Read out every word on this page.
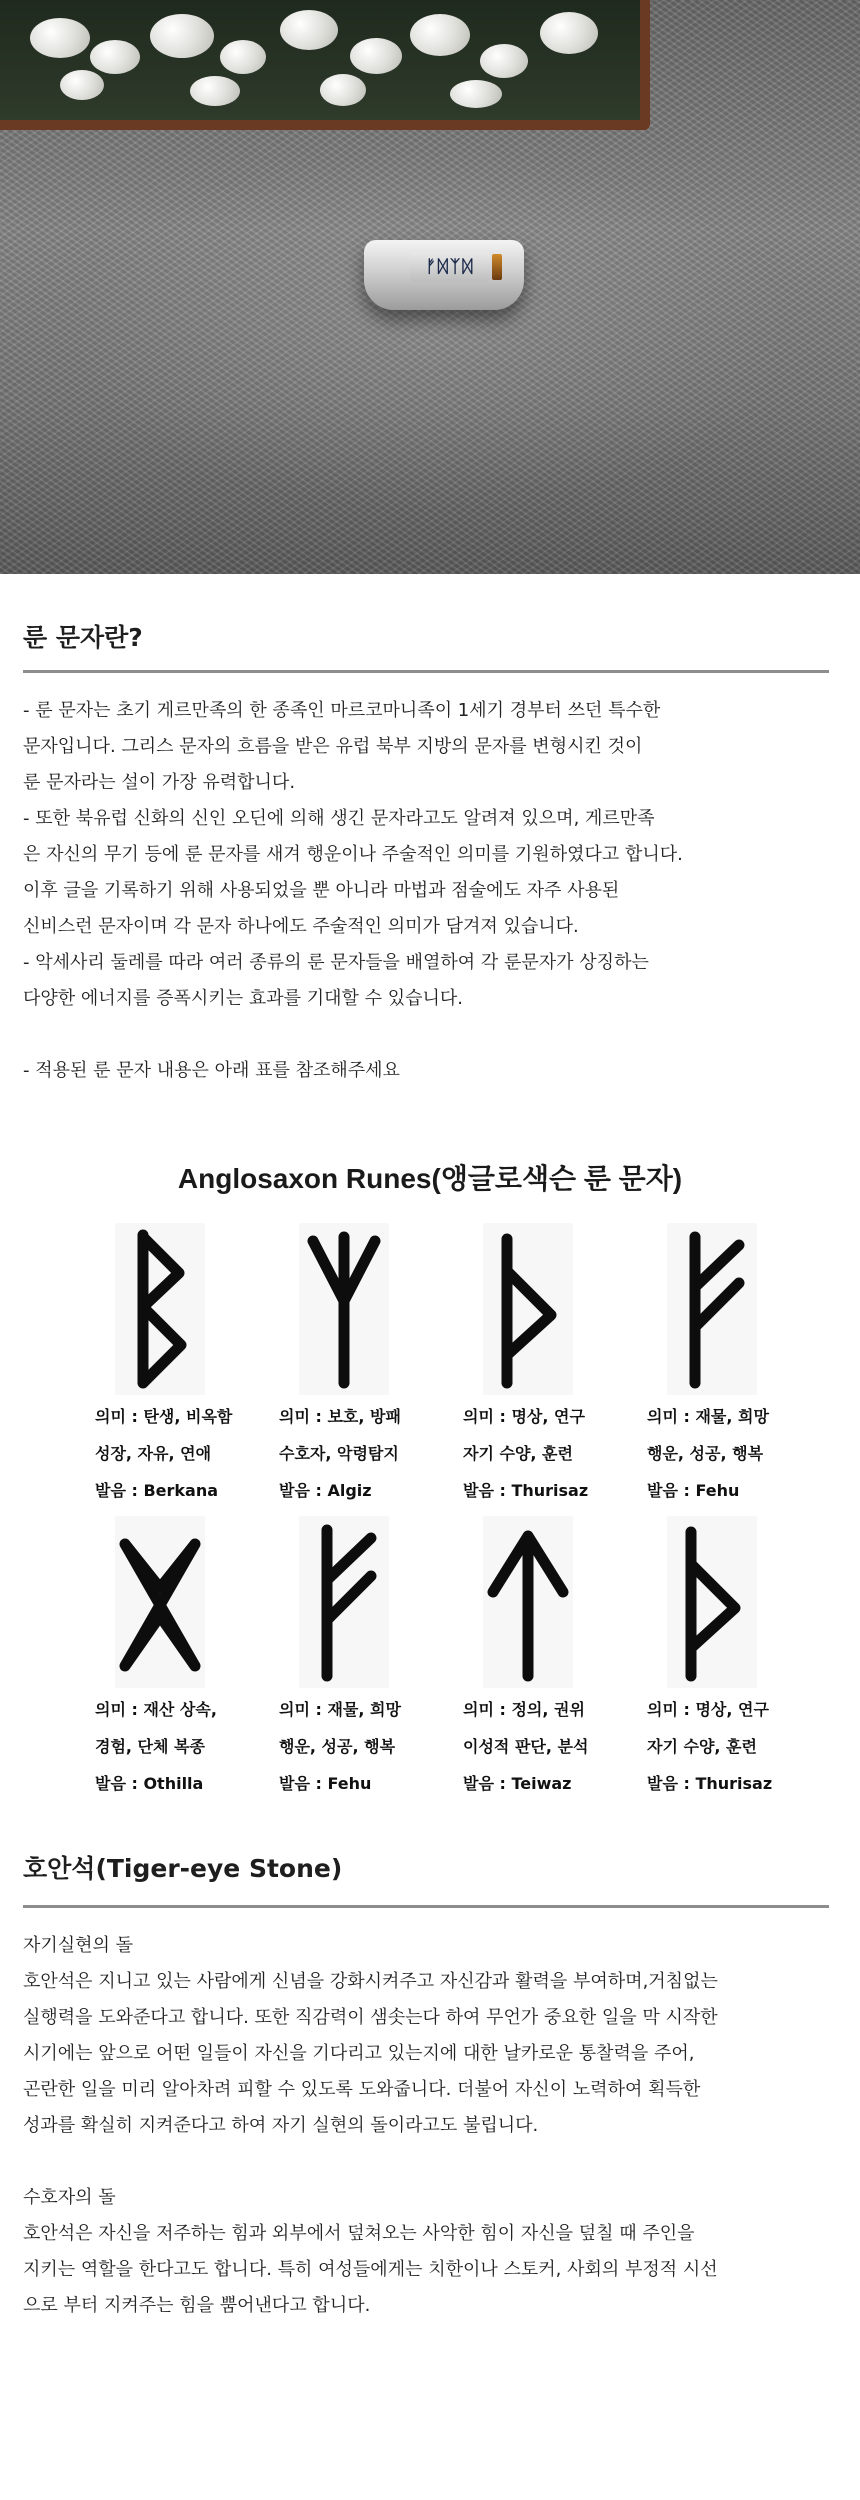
ᚠᛞᛉᛞ
룬 문자란?
- 룬 문자는 초기 게르만족의 한 종족인 마르코마니족이 1세기 경부터 쓰던 특수한
문자입니다. 그리스 문자의 흐름을 받은 유럽 북부 지방의 문자를 변형시킨 것이
룬 문자라는 설이 가장 유력합니다.
- 또한 북유럽 신화의 신인 오딘에 의해 생긴 문자라고도 알려져 있으며, 게르만족
은 자신의 무기 등에 룬 문자를 새겨 행운이나 주술적인 의미를 기원하였다고 합니다.
이후 글을 기록하기 위해 사용되었을 뿐 아니라 마법과 점술에도 자주 사용된
신비스런 문자이며 각 문자 하나에도 주술적인 의미가 담겨져 있습니다.
- 악세사리 둘레를 따라 여러 종류의 룬 문자들을 배열하여 각 룬문자가 상징하는
다양한 에너지를 증폭시키는 효과를 기대할 수 있습니다.
- 적용된 룬 문자 내용은 아래 표를 참조해주세요
Anglosaxon Runes(앵글로색슨 룬 문자)
의미 : 탄생, 비옥함
성장, 자유, 연애
발음 : Berkana
의미 : 보호, 방패
수호자, 악령탐지
발음 : Algiz
의미 : 명상, 연구
자기 수양, 훈련
발음 : Thurisaz
의미 : 재물, 희망
행운, 성공, 행복
발음 : Fehu
의미 : 재산 상속,
경험, 단체 복종
발음 : Othilla
의미 : 재물, 희망
행운, 성공, 행복
발음 : Fehu
의미 : 정의, 권위
이성적 판단, 분석
발음 : Teiwaz
의미 : 명상, 연구
자기 수양, 훈련
발음 : Thurisaz
호안석(Tiger-eye Stone)

자기실현의 돌

호안석은 지니고 있는 사람에게 신념을 강화시켜주고 자신감과 활력을 부여하며,거침없는
실행력을 도와준다고 합니다. 또한 직감력이 샘솟는다 하여 무언가 중요한 일을 막 시작한
시기에는 앞으로 어떤 일들이 자신을 기다리고 있는지에 대한 날카로운 통찰력을 주어,
곤란한 일을 미리 알아차려 피할 수 있도록 도와줍니다. 더불어 자신이 노력하여 획득한
성과를 확실히 지켜준다고 하여 자기 실현의 돌이라고도 불립니다.

수호자의 돌

호안석은 자신을 저주하는 힘과 외부에서 덮쳐오는 사악한 힘이 자신을 덮칠 때 주인을
지키는 역할을 한다고도 합니다. 특히 여성들에게는 치한이나 스토커, 사회의 부정적 시선
으로 부터 지켜주는 힘을 뿜어낸다고 합니다.
